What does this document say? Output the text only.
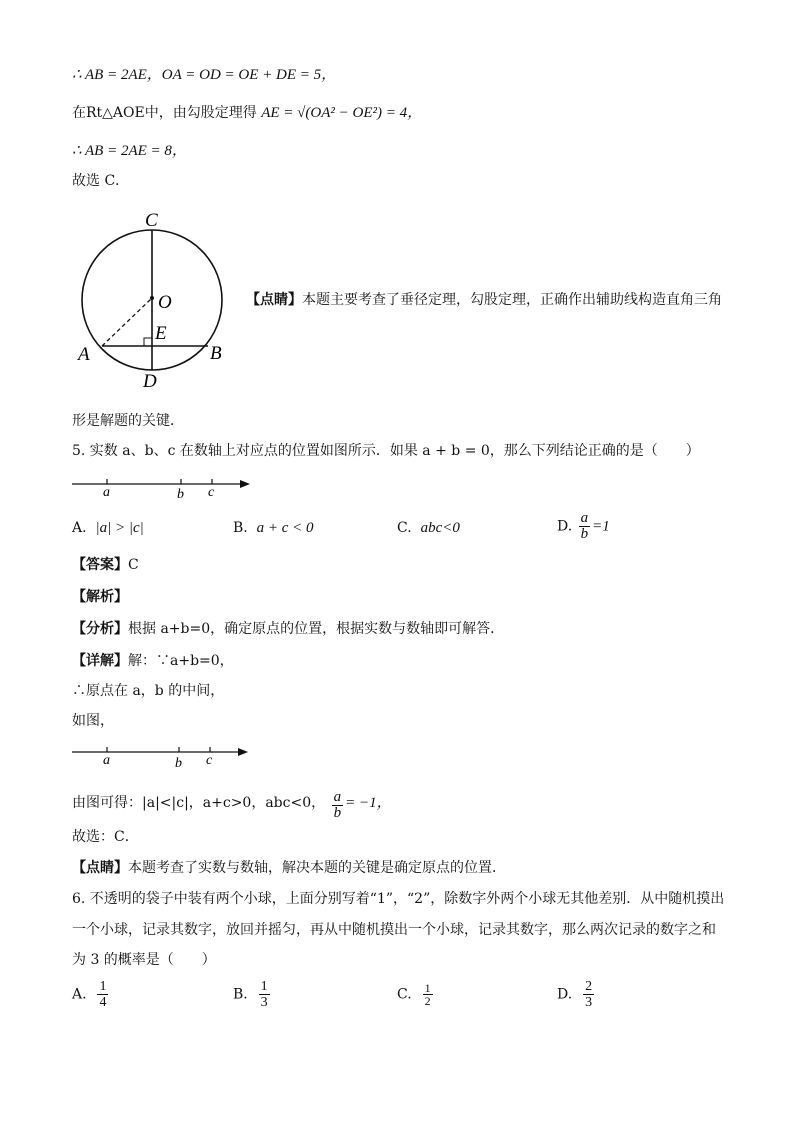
∴ AB = 2AE，OA = OD = OE + DE = 5，
在Rt△AOE中，由勾股定理得 AE = √(OA² − OE²) = 4，
∴ AB = 2AE = 8，
故选 C．
C
O
E
A	B
D
【点睛】本题主要考查了垂径定理，勾股定理，正确作出辅助线构造直角三角
形是解题的关键．
5. 实数 a、b、c 在数轴上对应点的位置如图所示．如果 a + b = 0，那么下列结论正确的是（　　）
a	b c
A. |a| > |c|	B. a + c < 0	C. abc<0	D. $\frac{a}{b} =1$
【答案】C
【解析】
【分析】根据 a+b=0，确定原点的位置，根据实数与数轴即可解答．
【详解】解：∵a+b=0，
∴原点在 a，b 的中间，
如图，
a	b c
由图可得：|a|<|c|，a+c>0，abc<0， $\frac{a}{b} = -1$，
故选：C．
【点睛】本题考查了实数与数轴，解决本题的关键是确定原点的位置．
6. 不透明的袋子中装有两个小球，上面分别写着“1”，“2”，除数字外两个小球无其他差别．从中随机摸出
一个小球，记录其数字，放回并摇匀，再从中随机摸出一个小球，记录其数字，那么两次记录的数字之和
为 3 的概率是（　　）
A. $\frac{1}{4}$	B. $\frac{1}{3}$	C. $\frac{1}{2}$	D. $\frac{2}{3}$
